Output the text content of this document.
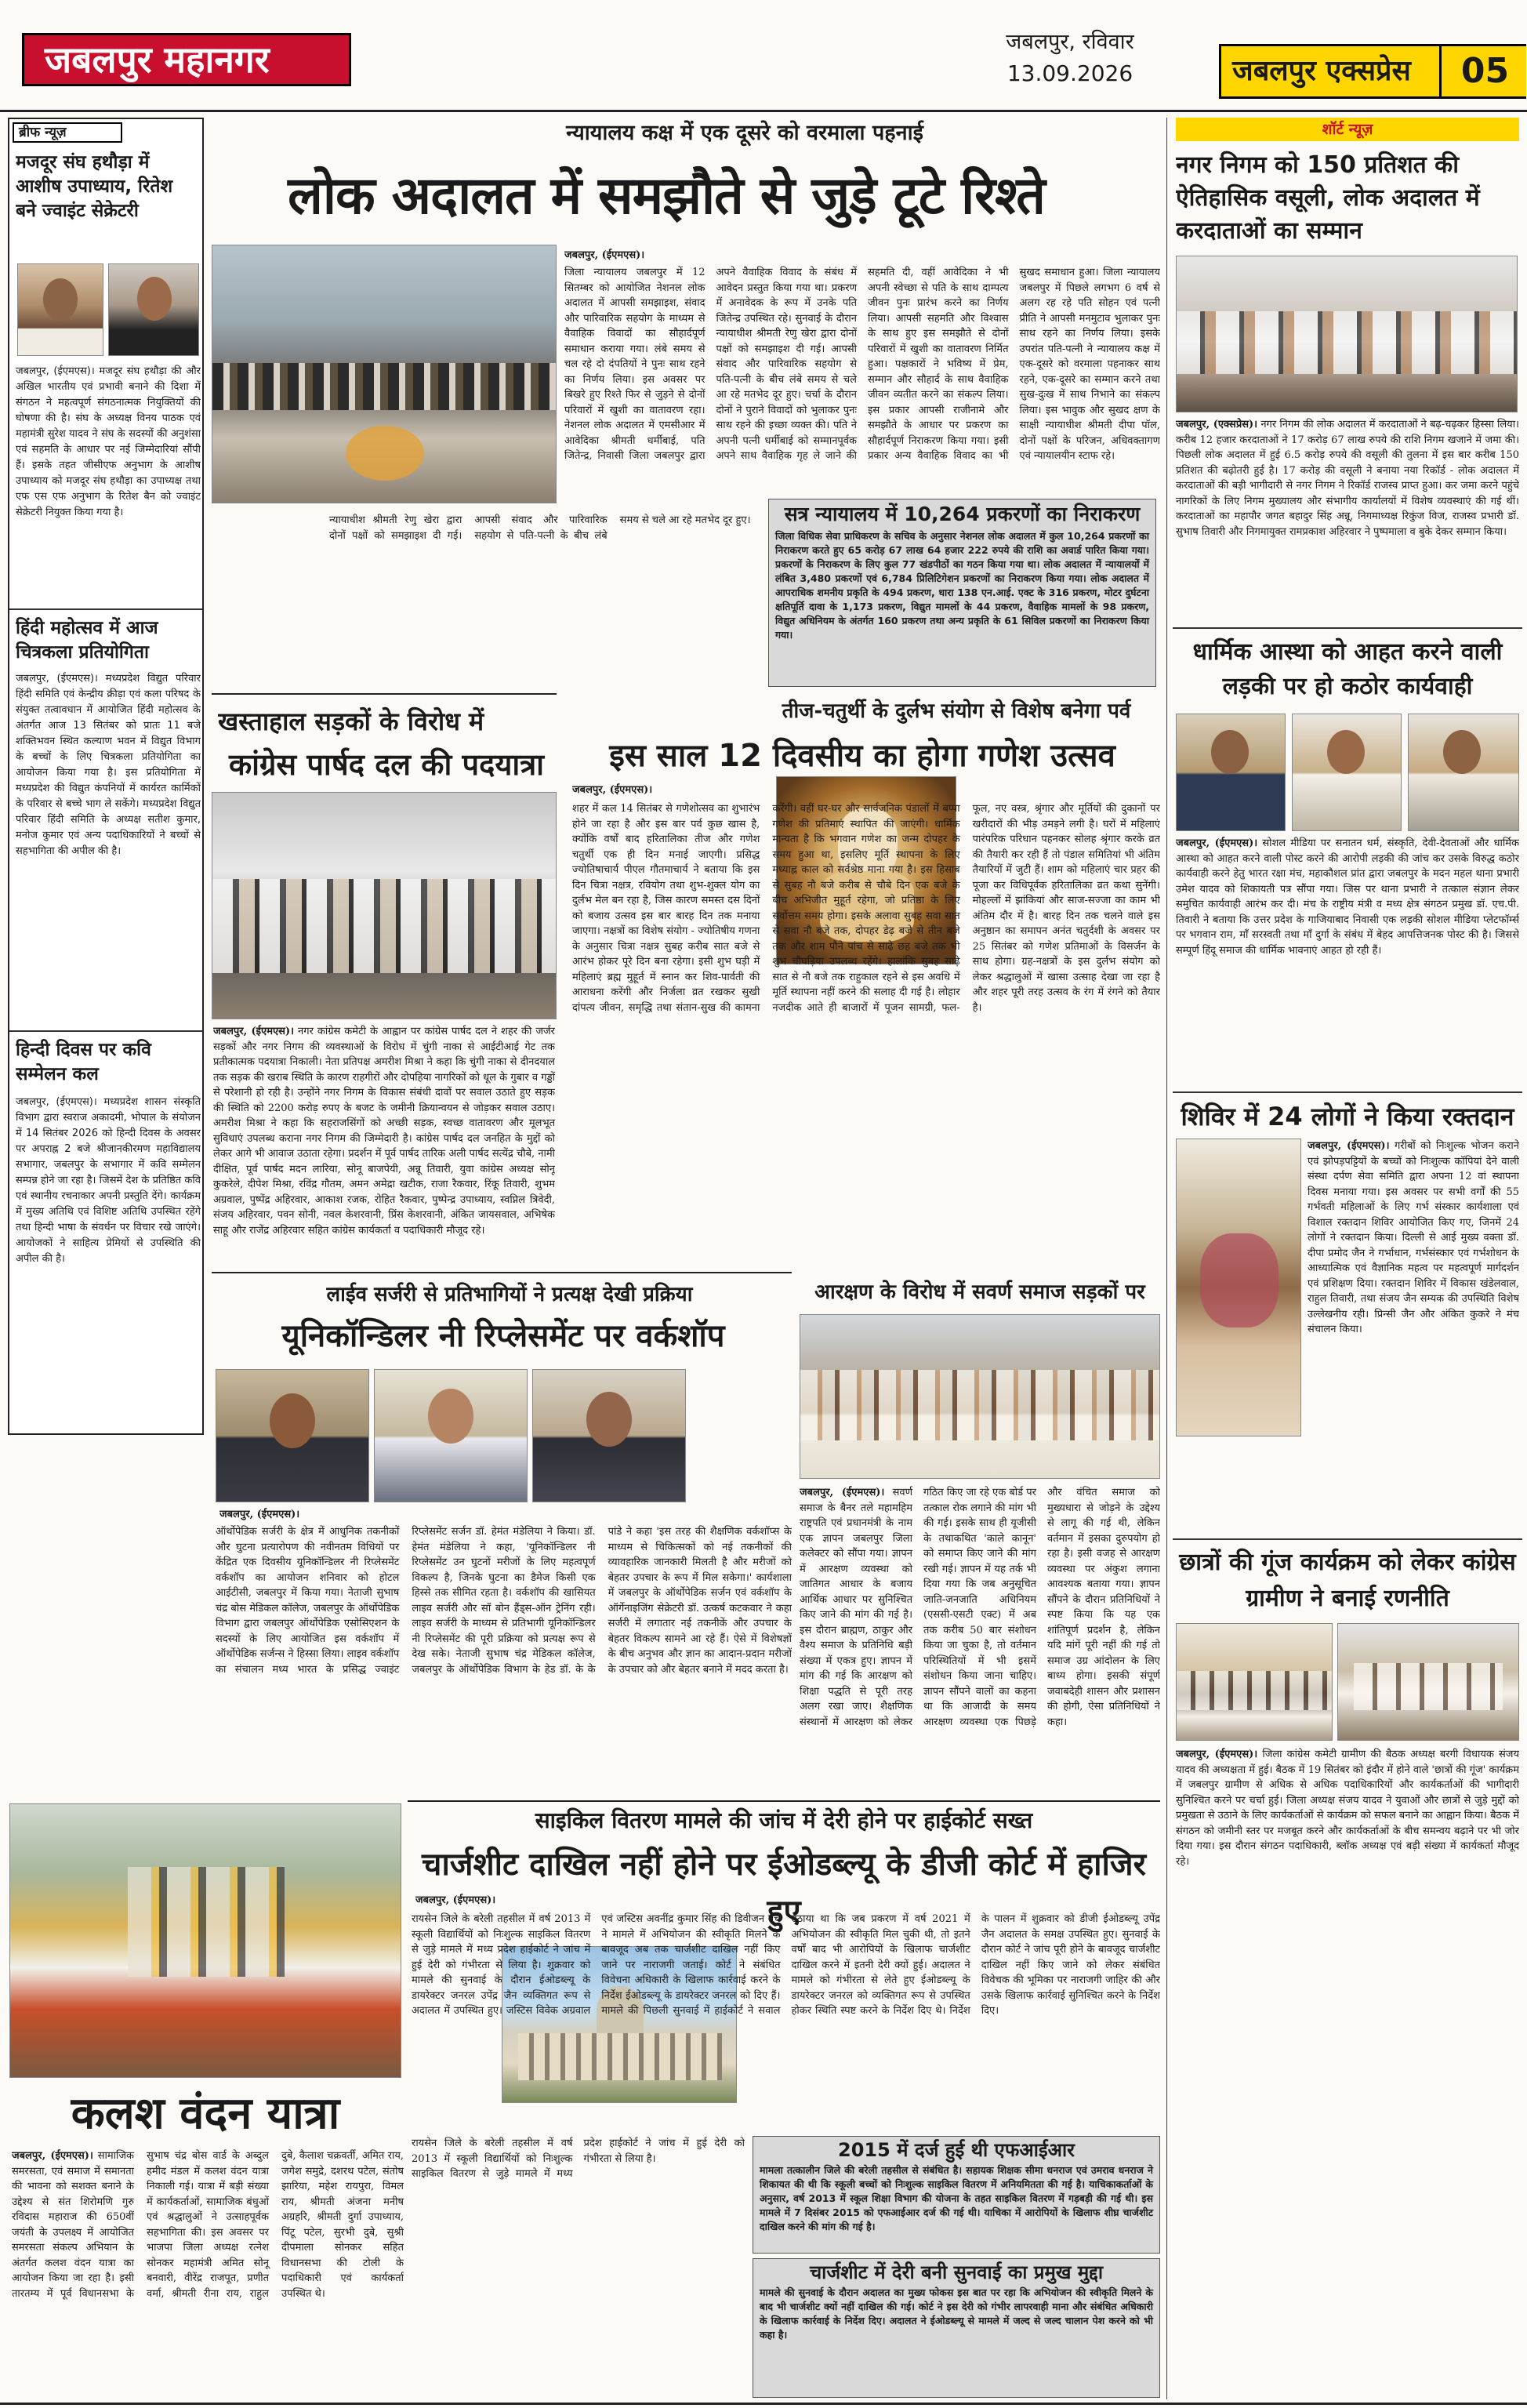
जबलपुर महानगर	जबलपुर, रविवार
13.09.2026	जबलपुर एक्सप्रेस	05
ब्रीफ न्यूज़
मजदूर संघ हथौड़ा में आशीष उपाध्याय, रितेश बने ज्वाइंट सेक्रेटरी
जबलपुर, (ईएमएस)। मजदूर संघ हथौड़ा की और अखिल भारतीय एवं प्रभावी बनाने की दिशा में संगठन ने महत्वपूर्ण संगठनात्मक नियुक्तियों की घोषणा की है। संघ के अध्यक्ष विनय पाठक एवं महामंत्री सुरेश यादव ने संघ के सदस्यों की अनुशंसा एवं सहमति के आधार पर नई जिम्मेदारियां सौंपी हैं। इसके तहत जीसीएफ अनुभाग के आशीष उपाध्याय को मजदूर संघ हथौड़ा का उपाध्यक्ष तथा एफ एस एफ अनुभाग के रितेश बैन को ज्वाइंट सेक्रेटरी नियुक्त किया गया है।
हिंदी महोत्सव में आज चित्रकला प्रतियोगिता
जबलपुर, (ईएमएस)। मध्यप्रदेश विद्युत परिवार हिंदी समिति एवं केन्द्रीय क्रीड़ा एवं कला परिषद के संयुक्त तत्वावधान में आयोजित हिंदी महोत्सव के अंतर्गत आज 13 सितंबर को प्रातः 11 बजे शक्तिभवन स्थित कल्याण भवन में विद्युत विभाग के बच्चों के लिए चित्रकला प्रतियोगिता का आयोजन किया गया है। इस प्रतियोगिता में मध्यप्रदेश की विद्युत कंपनियों में कार्यरत कार्मिकों के परिवार से बच्चे भाग ले सकेंगे। मध्यप्रदेश विद्युत परिवार हिंदी समिति के अध्यक्ष सतीश कुमार, मनोज कुमार एवं अन्य पदाधिकारियों ने बच्चों से सहभागिता की अपील की है।
हिन्दी दिवस पर कवि सम्मेलन कल
जबलपुर, (ईएमएस)। मध्यप्रदेश शासन संस्कृति विभाग द्वारा स्वराज अकादमी, भोपाल के संयोजन में 14 सितंबर 2026 को हिन्दी दिवस के अवसर पर अपराह्न 2 बजे श्रीजानकीरमण महाविद्यालय सभागार, जबलपुर के सभागार में कवि सम्मेलन सम्पन्न होने जा रहा है। जिसमें देश के प्रतिष्ठित कवि एवं स्थानीय रचनाकार अपनी प्रस्तुति देंगे। कार्यक्रम में मुख्य अतिथि एवं विशिष्ट अतिथि उपस्थित रहेंगे तथा हिन्दी भाषा के संवर्धन पर विचार रखे जाएंगे। आयोजकों ने साहित्य प्रेमियों से उपस्थिति की अपील की है।
न्यायालय कक्ष में एक दूसरे को वरमाला पहनाई
लोक अदालत में समझौते से जुड़े टूटे रिश्ते
जबलपुर, (ईएमएस)।
जिला न्यायालय जबलपुर में 12 सितम्बर को आयोजित नेशनल लोक अदालत में आपसी समझाइश, संवाद और पारिवारिक सहयोग के माध्यम से वैवाहिक विवादों का सौहार्दपूर्ण समाधान कराया गया। लंबे समय से चल रहे दो दंपतियों ने पुनः साथ रहने का निर्णय लिया। इस अवसर पर बिखरे हुए रिश्ते फिर से जुड़ने से दोनों परिवारों में खुशी का वातावरण रहा। नेशनल लोक अदालत में एमसीआर में आवेदिका श्रीमती धर्मीबाई, पति जितेन्द्र, निवासी जिला जबलपुर द्वारा अपने वैवाहिक विवाद के संबंध में आवेदन प्रस्तुत किया गया था। प्रकरण में अनावेदक के रूप में उनके पति जितेन्द्र उपस्थित रहे। सुनवाई के दौरान न्यायाधीश श्रीमती रेणु खेरा द्वारा दोनों पक्षों को समझाइश दी गई। आपसी संवाद और पारिवारिक सहयोग से पति-पत्नी के बीच लंबे समय से चले आ रहे मतभेद दूर हुए। चर्चा के दौरान दोनों ने पुराने विवादों को भुलाकर पुनः साथ रहने की इच्छा व्यक्त की। पति ने अपनी पत्नी धर्मीबाई को सम्मानपूर्वक अपने साथ वैवाहिक गृह ले जाने की सहमति दी, वहीं आवेदिका ने भी अपनी स्वेच्छा से पति के साथ दाम्पत्य जीवन पुनः प्रारंभ करने का निर्णय लिया। आपसी सहमति और विश्वास के साथ हुए इस समझौते से दोनों परिवारों में खुशी का वातावरण निर्मित हुआ। पक्षकारों ने भविष्य में प्रेम, सम्मान और सौहार्द के साथ वैवाहिक जीवन व्यतीत करने का संकल्प लिया। इस प्रकार आपसी राजीनामे और समझौते के आधार पर प्रकरण का सौहार्दपूर्ण निराकरण किया गया। इसी प्रकार अन्य वैवाहिक विवाद का भी सुखद समाधान हुआ। जिला न्यायालय जबलपुर में पिछले लगभग 6 वर्ष से अलग रह रहे पति सोहन एवं पत्नी प्रीति ने आपसी मनमुटाव भुलाकर पुनः साथ रहने का निर्णय लिया। इसके उपरांत पति-पत्नी ने न्यायालय कक्ष में एक-दूसरे को वरमाला पहनाकर साथ रहने, एक-दूसरे का सम्मान करने तथा सुख-दुःख में साथ निभाने का संकल्प लिया। इस भावुक और सुखद क्षण के साक्षी न्यायाधीश श्रीमती दीपा पॉल, दोनों पक्षों के परिजन, अधिवक्तागण एवं न्यायालयीन स्टाफ रहे।
सत्र न्यायालय में 10,264 प्रकरणों का निराकरण
जिला विधिक सेवा प्राधिकरण के सचिव के अनुसार नेशनल लोक अदालत में कुल 10,264 प्रकरणों का निराकरण करते हुए 65 करोड़ 67 लाख 64 हजार 222 रुपये की राशि का अवार्ड पारित किया गया। प्रकरणों के निराकरण के लिए कुल 77 खंडपीठों का गठन किया गया था। लोक अदालत में न्यायालयों में लंबित 3,480 प्रकरणों एवं 6,784 प्रिलिटिगेशन प्रकरणों का निराकरण किया गया। लोक अदालत में आपराधिक शमनीय प्रकृति के 494 प्रकरण, धारा 138 एन.आई. एक्ट के 316 प्रकरण, मोटर दुर्घटना क्षतिपूर्ति दावा के 1,173 प्रकरण, विद्युत मामलों के 44 प्रकरण, वैवाहिक मामलों के 98 प्रकरण, विद्युत अधिनियम के अंतर्गत 160 प्रकरण तथा अन्य प्रकृति के 61 सिविल प्रकरणों का निराकरण किया गया।
न्यायाधीश श्रीमती रेणु खेरा द्वारा दोनों पक्षों को समझाइश दी गई। आपसी संवाद और पारिवारिक सहयोग से पति-पत्नी के बीच लंबे समय से चले आ रहे मतभेद दूर हुए।
खस्ताहाल सड़कों के विरोध में
कांग्रेस पार्षद दल की पदयात्रा
जबलपुर, (ईएमएस)। नगर कांग्रेस कमेटी के आह्वान पर कांग्रेस पार्षद दल ने शहर की जर्जर सड़कों और नगर निगम की व्यवस्थाओं के विरोध में चुंगी नाका से आईटीआई गेट तक प्रतीकात्मक पदयात्रा निकाली। नेता प्रतिपक्ष अमरीश मिश्रा ने कहा कि चुंगी नाका से दीनदयाल तक सड़क की खराब स्थिति के कारण राहगीरों और दोपहिया नागरिकों को धूल के गुबार व गड्ढों से परेशानी हो रही है। उन्होंने नगर निगम के विकास संबंधी दावों पर सवाल उठाते हुए सड़क की स्थिति को 2200 करोड़ रुपए के बजट के जमीनी क्रियान्वयन से जोड़कर सवाल उठाए। अमरीश मिश्रा ने कहा कि सहराजसिंगों को अच्छी सड़क, स्वच्छ वातावरण और मूलभूत सुविधाएं उपलब्ध कराना नगर निगम की जिम्मेदारी है। कांग्रेस पार्षद दल जनहित के मुद्दों को लेकर आगे भी आवाज उठाता रहेगा। प्रदर्शन में पूर्व पार्षद तारिक अली पार्षद सत्येंद्र चौबे, नामी दीक्षित, पूर्व पार्षद मदन लारिया, सोनू बाजपेयी, अन्नू तिवारी, युवा कांग्रेस अध्यक्ष सोनू कुकरेले, दीपेश मिश्रा, रविंद्र गौतम, अमन अमेद्रा खटीक, राजा रैकवार, रिंकू तिवारी, शुभम अग्रवाल, पुष्पेंद्र अहिरवार, आकाश रजक, रोहित रैकवार, पुष्पेन्द्र उपाध्याय, स्वप्निल त्रिवेदी, संजय अहिरवार, पवन सोनी, नवल केशरवानी, प्रिंस केशरवानी, अंकित जायसवाल, अभिषेक साहू और राजेंद्र अहिरवार सहित कांग्रेस कार्यकर्ता व पदाधिकारी मौजूद रहे।
तीज-चतुर्थी के दुर्लभ संयोग से विशेष बनेगा पर्व
इस साल 12 दिवसीय का होगा गणेश उत्सव
जबलपुर, (ईएमएस)।
शहर में कल 14 सितंबर से गणेशोत्सव का शुभारंभ होने जा रहा है और इस बार पर्व कुछ खास है, क्योंकि वर्षों बाद हरितालिका तीज और गणेश चतुर्थी एक ही दिन मनाई जाएगी। प्रसिद्ध ज्योतिषाचार्य पीएल गौतमाचार्य ने बताया कि इस दिन चित्रा नक्षत्र, रवियोग तथा शुभ-शुक्ल योग का दुर्लभ मेल बन रहा है, जिस कारण समस्त दस दिनों को बजाय उत्सव इस बार बारह दिन तक मनाया जाएगा। नक्षत्रों का विशेष संयोग - ज्योतिषीय गणना के अनुसार चित्रा नक्षत्र सुबह करीब सात बजे से आरंभ होकर पूरे दिन बना रहेगा। इसी शुभ घड़ी में महिलाएं ब्रह्म मुहूर्त में स्नान कर शिव-पार्वती की आराधना करेंगी और निर्जला व्रत रखकर सुखी दांपत्य जीवन, समृद्धि तथा संतान-सुख की कामना करेंगी। वहीं घर-घर और सार्वजनिक पंडालों में बप्पा गणेश की प्रतिमाएं स्थापित की जाएंगी। धार्मिक मान्यता है कि भगवान गणेश का जन्म दोपहर के समय हुआ था, इसलिए मूर्ति स्थापना के लिए मध्याह्न काल को सर्वश्रेष्ठ माना गया है। इस हिसाब से सुबह नौ बजे करीब से चौबे दिन एक बजे के बीच अभिजीत मुहूर्त रहेगा, जो प्रतिष्ठा के लिए सर्वोत्तम समय होगा। इसके अलावा सुबह सवा सात से सवा नौ बजे तक, दोपहर डेढ़ बजे से तीन बजे तक और शाम पौने पांच से साढ़े छह बजे तक भी शुभ चौघड़िया उपलब्ध रहेंगे। हालांकि सुबह साढ़े सात से नौ बजे तक राहुकाल रहने से इस अवधि में मूर्ति स्थापना नहीं करने की सलाह दी गई है। लोहार नजदीक आते ही बाजारों में पूजन सामग्री, फल-फूल, नए वस्त्र, श्रृंगार और मूर्तियों की दुकानों पर खरीदारों की भीड़ उमड़ने लगी है। घरों में महिलाएं पारंपरिक परिधान पहनकर सोलह श्रृंगार करके व्रत की तैयारी कर रही हैं तो पंडाल समितियां भी अंतिम तैयारियों में जुटी हैं। शाम को महिलाएं चार प्रहर की पूजा कर विधिपूर्वक हरितालिका व्रत कथा सुनेंगी। मोहल्लों में झांकियां और साज-सज्जा का काम भी अंतिम दौर में है। बारह दिन तक चलने वाले इस अनुष्ठान का समापन अनंत चतुर्दशी के अवसर पर 25 सितंबर को गणेश प्रतिमाओं के विसर्जन के साथ होगा। ग्रह-नक्षत्रों के इस दुर्लभ संयोग को लेकर श्रद्धालुओं में खासा उत्साह देखा जा रहा है और शहर पूरी तरह उत्सव के रंग में रंगने को तैयार है।
लाईव सर्जरी से प्रतिभागियों ने प्रत्यक्ष देखी प्रक्रिया
यूनिकॉन्डिलर नी रिप्लेसमेंट पर वर्कशॉप
जबलपुर, (ईएमएस)।
ऑर्थोपेडिक सर्जरी के क्षेत्र में आधुनिक तकनीकों और घुटना प्रत्यारोपण की नवीनतम विधियों पर केंद्रित एक दिवसीय यूनिकॉन्डिलर नी रिप्लेसमेंट वर्कशॉप का आयोजन शनिवार को होटल आईटीसी, जबलपुर में किया गया। नेताजी सुभाष चंद्र बोस मेडिकल कॉलेज, जबलपुर के ऑर्थोपेडिक विभाग द्वारा जबलपुर ऑर्थोपेडिक एसोसिएशन के सदस्यों के लिए आयोजित इस वर्कशॉप में ऑर्थोपेडिक सर्जन्स ने हिस्सा लिया। लाइव वर्कशॉप का संचालन मध्य भारत के प्रसिद्ध ज्वाइंट रिप्लेसमेंट सर्जन डॉ. हेमंत मंडेलिया ने किया। डॉ. हेमंत मंडेलिया ने कहा, 'यूनिकॉन्डिलर नी रिप्लेसमेंट उन घुटनों मरीजों के लिए महत्वपूर्ण विकल्प है, जिनके घुटना का डैमेज किसी एक हिस्से तक सीमित रहता है। वर्कशॉप की खासियत लाइव सर्जरी और सॉ बोन हैंड्स-ऑन ट्रेनिंग रही। लाइव सर्जरी के माध्यम से प्रतिभागी यूनिकॉन्डिलर नी रिप्लेसमेंट की पूरी प्रक्रिया को प्रत्यक्ष रूप से देख सके। नेताजी सुभाष चंद्र मेडिकल कॉलेज, जबलपुर के ऑर्थोपेडिक विभाग के हेड डॉ. के के पांडे ने कहा 'इस तरह की शैक्षणिक वर्कशॉप्स के माध्यम से चिकित्सकों को नई तकनीकों की व्यावहारिक जानकारी मिलती है और मरीजों को बेहतर उपचार के रूप में मिल सकेगा।' कार्यशाला में जबलपुर के ऑर्थोपेडिक सर्जन एवं वर्कशॉप के ऑर्गेनाइजिंग सेक्रेटरी डॉ. उत्कर्ष कटकवार ने कहा सर्जरी में लगातार नई तकनीकें और उपचार के बेहतर विकल्प सामने आ रहे हैं। ऐसे में विशेषज्ञों के बीच अनुभव और ज्ञान का आदान-प्रदान मरीजों के उपचार को और बेहतर बनाने में मदद करता है।
आरक्षण के विरोध में सवर्ण समाज सड़कों पर
जबलपुर, (ईएमएस)। सवर्ण समाज के बैनर तले महामहिम राष्ट्रपति एवं प्रधानमंत्री के नाम एक ज्ञापन जबलपुर जिला कलेक्टर को सौंपा गया। ज्ञापन में आरक्षण व्यवस्था को जातिगत आधार के बजाय आर्थिक आधार पर सुनिश्चित किए जाने की मांग की गई है। इस दौरान ब्राह्मण, ठाकुर और वैश्य समाज के प्रतिनिधि बड़ी संख्या में एकत्र हुए। ज्ञापन में मांग की गई कि आरक्षण को शिक्षा पद्धति से पूरी तरह अलग रखा जाए। शैक्षणिक संस्थानों में आरक्षण को लेकर गठित किए जा रहे एक बोर्ड पर तत्काल रोक लगाने की मांग भी की गई। इसके साथ ही यूजीसी के तथाकथित 'काले कानून' को समाप्त किए जाने की मांग रखी गई। ज्ञापन में यह तर्क भी दिया गया कि जब अनुसूचित जाति-जनजाति अधिनियम (एससी-एसटी एक्ट) में अब तक करीब 50 बार संशोधन किया जा चुका है, तो वर्तमान परिस्थितियों में भी इसमें संशोधन किया जाना चाहिए। ज्ञापन सौंपने वालों का कहना था कि आजादी के समय आरक्षण व्यवस्था एक पिछड़े और वंचित समाज को मुख्यधारा से जोड़ने के उद्देश्य से लागू की गई थी, लेकिन वर्तमान में इसका दुरुपयोग हो रहा है। इसी वजह से आरक्षण व्यवस्था पर अंकुश लगाना आवश्यक बताया गया। ज्ञापन सौंपने के दौरान प्रतिनिधियों ने स्पष्ट किया कि यह एक शांतिपूर्ण प्रदर्शन है, लेकिन यदि मांगें पूरी नहीं की गई तो समाज उग्र आंदोलन के लिए बाध्य होगा। इसकी संपूर्ण जवाबदेही शासन और प्रशासन की होगी, ऐसा प्रतिनिधियों ने कहा।
कलश वंदन यात्रा
जबलपुर, (ईएमएस)। सामाजिक समरसता, एवं समाज में समानता की भावना को सशक्त बनाने के उद्देश्य से संत शिरोमणि गुरु रविदास महाराज की 650वीं जयंती के उपलक्ष्य में आयोजित समरसता संकल्प अभियान के अंतर्गत कलश वंदन यात्रा का आयोजन किया जा रहा है। इसी तारतम्य में पूर्व विधानसभा के सुभाष चंद्र बोस वार्ड के अब्दुल हमीद मंडल में कलश वंदन यात्रा निकाली गई। यात्रा में बड़ी संख्या में कार्यकर्ताओं, सामाजिक बंधुओं एवं श्रद्धालुओं ने उत्साहपूर्वक सहभागिता की। इस अवसर पर भाजपा जिला अध्यक्ष रत्नेश सोनकर महामंत्री अमित सोनू बनवारी, वीरेंद्र राजपूत, प्रणीत वर्मा, श्रीमती रीना राय, राहुल दुबे, कैलाश चक्रवर्ती, अमित राय, जगेश समुद्रे, दशरथ पटेल, संतोष झारिया, महेश रायपुरा, विमल राय, श्रीमती अंजना मनीष अग्रहरि, श्रीमती दुर्गा उपाध्याय, पिंटू पटेल, सुरभी दुबे, सुश्री दीपमाला सोनकर सहित विधानसभा की टोली के पदाधिकारी एवं कार्यकर्ता उपस्थित थे।
साइकिल वितरण मामले की जांच में देरी होने पर हाईकोर्ट सख्त
चार्जशीट दाखिल नहीं होने पर ईओडब्ल्यू के डीजी कोर्ट में हाजिर हुए
जबलपुर, (ईएमएस)।
रायसेन जिले के बरेली तहसील में वर्ष 2013 में स्कूली विद्यार्थियों को निःशुल्क साइकिल वितरण से जुड़े मामले में मध्य प्रदेश हाईकोर्ट ने जांच में हुई देरी को गंभीरता से लिया है। शुक्रवार को मामले की सुनवाई के दौरान ईओडब्ल्यू के डायरेक्टर जनरल उपेंद्र जैन व्यक्तिगत रूप से अदालत में उपस्थित हुए। जस्टिस विवेक अग्रवाल एवं जस्टिस अवनींद्र कुमार सिंह की डिवीजन बेंच ने मामले में अभियोजन की स्वीकृति मिलने के बावजूद अब तक चार्जशीट दाखिल नहीं किए जाने पर नाराजगी जताई। कोर्ट ने संबंधित विवेचना अधिकारी के खिलाफ कार्रवाई करने के निर्देश ईओडब्ल्यू के डायरेक्टर जनरल को दिए हैं। मामले की पिछली सुनवाई में हाईकोर्ट ने सवाल उठाया था कि जब प्रकरण में वर्ष 2021 में अभियोजन की स्वीकृति मिल चुकी थी, तो इतने वर्षों बाद भी आरोपियों के खिलाफ चार्जशीट दाखिल करने में इतनी देरी क्यों हुई। अदालत ने मामले को गंभीरता से लेते हुए ईओडब्ल्यू के डायरेक्टर जनरल को व्यक्तिगत रूप से उपस्थित होकर स्थिति स्पष्ट करने के निर्देश दिए थे। निर्देश के पालन में शुक्रवार को डीजी ईओडब्ल्यू उपेंद्र जैन अदालत के समक्ष उपस्थित हुए। सुनवाई के दौरान कोर्ट ने जांच पूरी होने के बावजूद चार्जशीट दाखिल नहीं किए जाने को लेकर संबंधित विवेचक की भूमिका पर नाराजगी जाहिर की और उसके खिलाफ कार्रवाई सुनिश्चित करने के निर्देश दिए।
2015 में दर्ज हुई थी एफआईआर
मामला तत्कालीन जिले की बरेली तहसील से संबंधित है। सहायक शिक्षक सीमा धनराज एवं उमराव धनराज ने शिकायत की थी कि स्कूली बच्चों को निःशुल्क साइकिल वितरण में अनियमितता की गई है। याचिकाकर्ताओं के अनुसार, वर्ष 2013 में स्कूल शिक्षा विभाग की योजना के तहत साइकिल वितरण में गड़बड़ी की गई थी। इस मामले में 7 दिसंबर 2015 को एफआईआर दर्ज की गई थी। याचिका में आरोपियों के खिलाफ शीघ्र चार्जशीट दाखिल करने की मांग की गई है।
चार्जशीट में देरी बनी सुनवाई का प्रमुख मुद्दा
मामले की सुनवाई के दौरान अदालत का मुख्य फोकस इस बात पर रहा कि अभियोजन की स्वीकृति मिलने के बाद भी चार्जशीट क्यों नहीं दाखिल की गई। कोर्ट ने इस देरी को गंभीर लापरवाही माना और संबंधित अधिकारी के खिलाफ कार्रवाई के निर्देश दिए। अदालत ने ईओडब्ल्यू से मामले में जल्द से जल्द चालान पेश करने को भी कहा है।
रायसेन जिले के बरेली तहसील में वर्ष 2013 में स्कूली विद्यार्थियों को निःशुल्क साइकिल वितरण से जुड़े मामले में मध्य प्रदेश हाईकोर्ट ने जांच में हुई देरी को गंभीरता से लिया है।
शॉर्ट न्यूज़
नगर निगम को 150 प्रतिशत की ऐतिहासिक वसूली, लोक अदालत में करदाताओं का सम्मान
जबलपुर, (एक्सप्रेस)। नगर निगम की लोक अदालत में करदाताओं ने बढ़-चढ़कर हिस्सा लिया। करीब 12 हजार करदाताओं ने 17 करोड़ 67 लाख रुपये की राशि निगम खजाने में जमा की। पिछली लोक अदालत में हुई 6.5 करोड़ रुपये की वसूली की तुलना में इस बार करीब 150 प्रतिशत की बढ़ोतरी हुई है। 17 करोड़ की वसूली ने बनाया नया रिकॉर्ड - लोक अदालत में करदाताओं की बड़ी भागीदारी से नगर निगम ने रिकॉर्ड राजस्व प्राप्त हुआ। कर जमा करने पहुंचे नागरिकों के लिए निगम मुख्यालय और संभागीय कार्यालयों में विशेष व्यवस्थाएं की गई थीं। करदाताओं का महापौर जगत बहादुर सिंह अन्नू, निगमाध्यक्ष रिकुंज विज, राजस्व प्रभारी डॉ. सुभाष तिवारी और निगमायुक्त रामप्रकाश अहिरवार ने पुष्पमाला व बुके देकर सम्मान किया।
धार्मिक आस्था को आहत करने वाली लड़की पर हो कठोर कार्यवाही
जबलपुर, (ईएमएस)। सोशल मीडिया पर सनातन धर्म, संस्कृति, देवी-देवताओं और धार्मिक आस्था को आहत करने वाली पोस्ट करने की आरोपी लड़की की जांच कर उसके विरुद्ध कठोर कार्यवाही करने हेतु भारत रक्षा मंच, महाकौशल प्रांत द्वारा जबलपुर के मदन महल थाना प्रभारी उमेश यादव को शिकायती पत्र सौंपा गया। जिस पर थाना प्रभारी ने तत्काल संज्ञान लेकर समुचित कार्यवाही आरंभ कर दी। मंच के राष्ट्रीय मंत्री व मध्य क्षेत्र संगठन प्रमुख डॉ. एच.पी. तिवारी ने बताया कि उत्तर प्रदेश के गाजियाबाद निवासी एक लड़की सोशल मीडिया प्लेटफॉर्म्स पर भगवान राम, माँ सरस्वती तथा माँ दुर्गा के संबंध में बेहद आपत्तिजनक पोस्ट की है। जिससे सम्पूर्ण हिंदू समाज की धार्मिक भावनाएं आहत हो रही हैं।
शिविर में 24 लोगों ने किया रक्तदान
जबलपुर, (ईएमएस)। गरीबों को निःशुल्क भोजन कराने एवं झोपड़पट्टियों के बच्चों को निःशुल्क कॉपियां देने वाली संस्था दर्पण सेवा समिति द्वारा अपना 12 वां स्थापना दिवस मनाया गया। इस अवसर पर सभी वर्गों की 55 गर्भवती महिलाओं के लिए गर्भ संस्कार कार्यशाला एवं विशाल रक्तदान शिविर आयोजित किए गए, जिनमें 24 लोगों ने रक्तदान किया। दिल्ली से आई मुख्य वक्ता डॉ. दीपा प्रमोद जैन ने गर्भाधान, गर्भसंस्कार एवं गर्भशोधन के आध्यात्मिक एवं वैज्ञानिक महत्व पर महत्वपूर्ण मार्गदर्शन एवं प्रशिक्षण दिया। रक्तदान शिविर में विकास खंडेलवाल, राहुल तिवारी, तथा संजय जैन सम्यक की उपस्थिति विशेष उल्लेखनीय रही। प्रिन्सी जैन और अंकित कुकरे ने मंच संचालन किया।
छात्रों की गूंज कार्यक्रम को लेकर कांग्रेस ग्रामीण ने बनाई रणनीति
जबलपुर, (ईएमएस)। जिला कांग्रेस कमेटी ग्रामीण की बैठक अध्यक्ष बरगी विधायक संजय यादव की अध्यक्षता में हुई। बैठक में 19 सितंबर को इंदौर में होने वाले 'छात्रों की गूंज' कार्यक्रम में जबलपुर ग्रामीण से अधिक से अधिक पदाधिकारियों और कार्यकर्ताओं की भागीदारी सुनिश्चित करने पर चर्चा हुई। जिला अध्यक्ष संजय यादव ने युवाओं और छात्रों से जुड़े मुद्दों को प्रमुखता से उठाने के लिए कार्यकर्ताओं से कार्यक्रम को सफल बनाने का आह्वान किया। बैठक में संगठन को जमीनी स्तर पर मजबूत करने और कार्यकर्ताओं के बीच समन्वय बढ़ाने पर भी जोर दिया गया। इस दौरान संगठन पदाधिकारी, ब्लॉक अध्यक्ष एवं बड़ी संख्या में कार्यकर्ता मौजूद रहे।
